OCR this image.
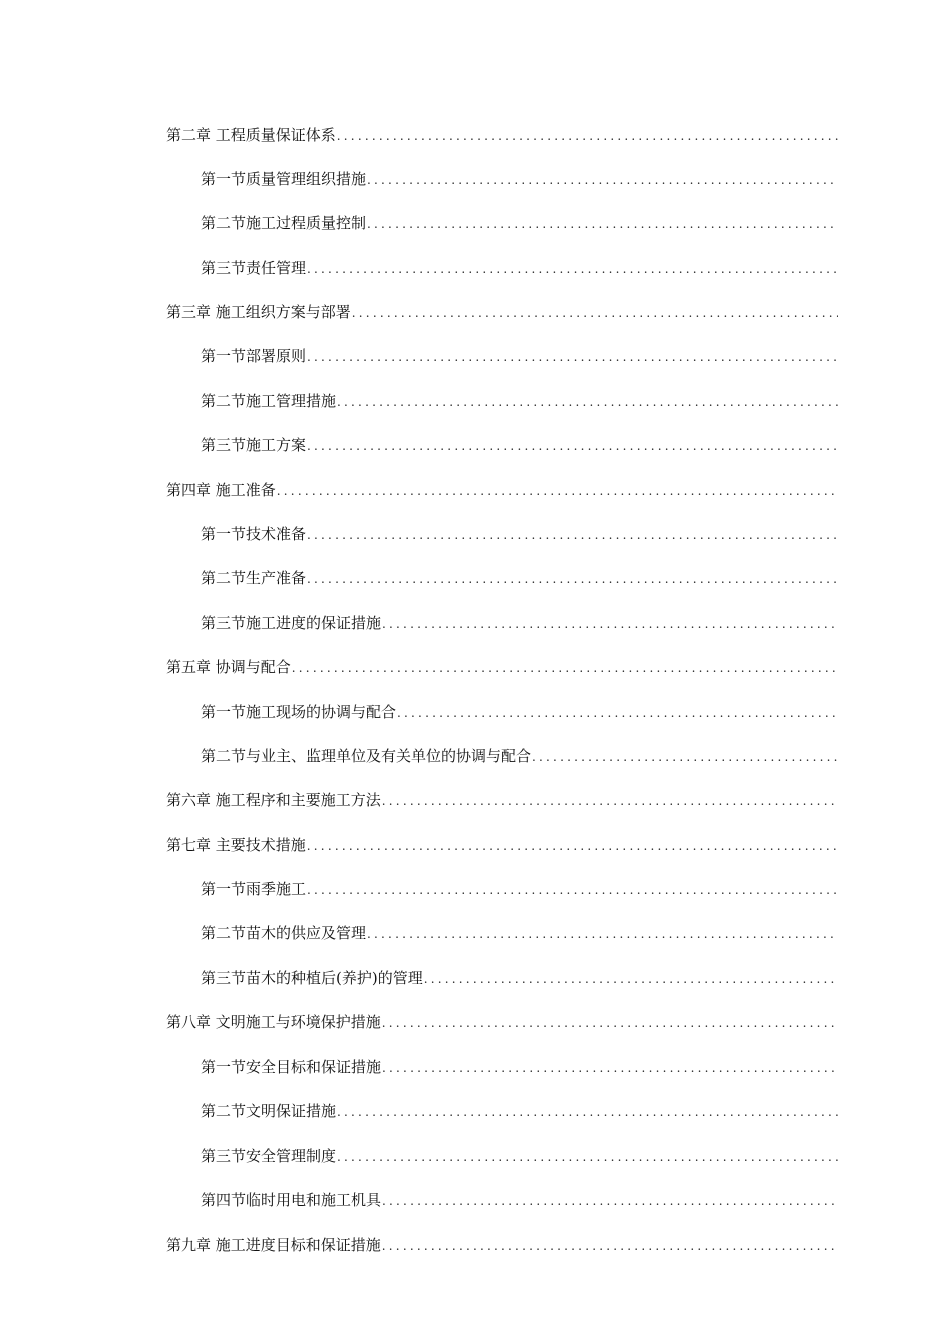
第二章 工程质量保证体系
.....
第一节质量管理组织措施
.....
第二节施工过程质量控制
.....
第三节责任管理
.....
第三章 施工组织方案与部署
.....
第一节部署原则
.....
第二节施工管理措施
.....
第三节施工方案
.....
第四章 施工准备
.....
第一节技术准备
.....
第二节生产准备
.....
第三节施工进度的保证措施
.....
第五章 协调与配合
.....
第一节施工现场的协调与配合
.....
第二节与业主、监理单位及有关单位的协调与配合
.....
第六章 施工程序和主要施工方法
.....
第七章 主要技术措施
.....
第一节雨季施工
.....
第二节苗木的供应及管理
.....
第三节苗木的种植后(养护)的管理
.....
第八章 文明施工与环境保护措施
.....
第一节安全目标和保证措施
.....
第二节文明保证措施
.....
第三节安全管理制度
.....
第四节临时用电和施工机具
.....
第九章 施工进度目标和保证措施
.....
